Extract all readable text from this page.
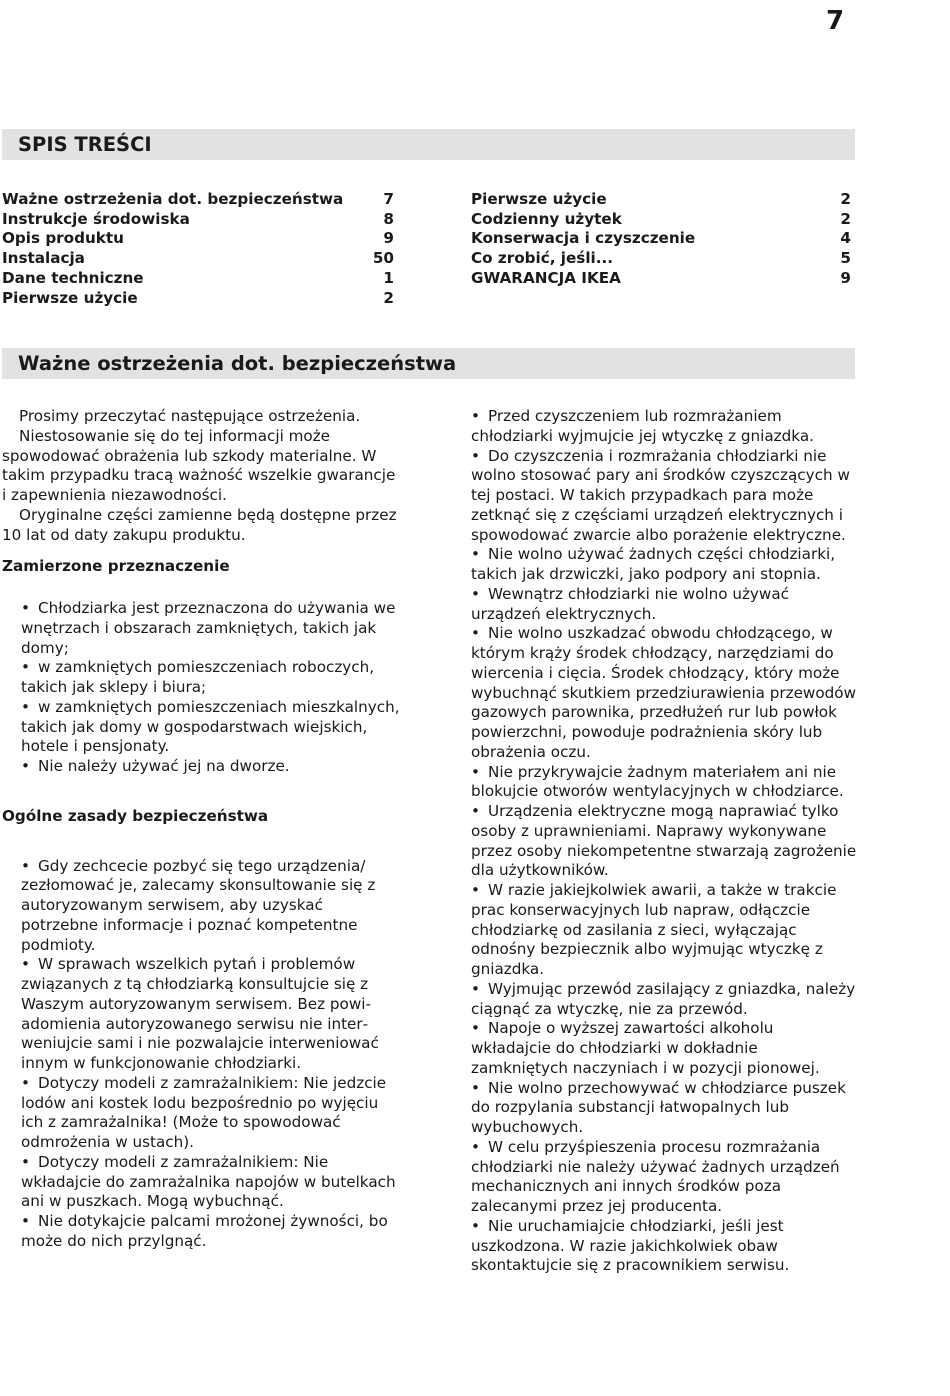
7
SPIS TREŚCI
Ważne ostrzeżenia dot. bezpieczeństwa	7
Instrukcje środowiska	8
Opis produktu	9
Instalacja	50
Dane techniczne	1
Pierwsze użycie	2
Pierwsze użycie	2
Codzienny użytek	2
Konserwacja i czyszczenie	4
Co zrobić, jeśli...	5
GWARANCJA IKEA	9
Ważne ostrzeżenia dot. bezpieczeństwa

Prosimy przeczytać następujące ostrzeżenia.

Niestosowanie się do tej informacji może spowodować obrażenia lub szkody materialne. W takim przypadku tracą ważność wszelkie gwarancje i zapewnienia niezawodności.

Oryginalne części zamienne będą dostępne przez 10 lat od daty zakupu produktu.

Zamierzone przeznaczenie

• Chłodziarka jest przeznaczona do używania we wnętrzach i obszarach zamkniętych, takich jak domy;
• w zamkniętych pomieszczeniach roboczych, takich jak sklepy i biura;
• w zamkniętych pomieszczeniach mieszkalnych, takich jak domy w gospodarstwach wiejskich, hotele i pensjonaty.
• Nie należy używać jej na dworze.

Ogólne zasady bezpieczeństwa

• Gdy zechcecie pozbyć się tego urządzenia/ zezłomować je, zalecamy skonsultowanie się z autoryzowanym serwisem, aby uzyskać potrzebne informacje i poznać kompetentne podmioty.
• W sprawach wszelkich pytań i problemów związanych z tą chłodziarką konsultujcie się z Waszym autoryzowanym serwisem. Bez powiadomienia autoryzowanego serwisu nie interweniujcie sami i nie pozwalajcie interweniować innym w funkcjonowanie chłodziarki.
• Dotyczy modeli z zamrażalnikiem: Nie jedzcie lodów ani kostek lodu bezpośrednio po wyjęciu ich z zamrażalnika! (Może to spowodować odmrożenia w ustach).
• Dotyczy modeli z zamrażalnikiem: Nie wkładajcie do zamrażalnika napojów w butelkach ani w puszkach. Mogą wybuchnąć.
• Nie dotykajcie palcami mrożonej żywności, bo może do nich przylgnąć.
• Przed czyszczeniem lub rozmrażaniem chłodziarki wyjmujcie jej wtyczkę z gniazdka.
• Do czyszczenia i rozmrażania chłodziarki nie wolno stosować pary ani środków czyszczących w tej postaci. W takich przypadkach para może zetknąć się z częściami urządzeń elektrycznych i spowodować zwarcie albo porażenie elektryczne.
• Nie wolno używać żadnych części chłodziarki, takich jak drzwiczki, jako podpory ani stopnia.
• Wewnątrz chłodziarki nie wolno używać urządzeń elektrycznych.
• Nie wolno uszkadzać obwodu chłodzącego, w którym krąży środek chłodzący, narzędziami do wiercenia i cięcia. Środek chłodzący, który może wybuchnąć skutkiem przedziurawienia przewodów gazowych parownika, przedłużeń rur lub powłok powierzchni, powoduje podrażnienia skóry lub obrażenia oczu.
• Nie przykrywajcie żadnym materiałem ani nie blokujcie otworów wentylacyjnych w chłodziarce.
• Urządzenia elektryczne mogą naprawiać tylko osoby z uprawnieniami. Naprawy wykonywane przez osoby niekompetentne stwarzają zagrożenie dla użytkowników.
• W razie jakiejkolwiek awarii, a także w trakcie prac konserwacyjnych lub napraw, odłączcie chłodziarkę od zasilania z sieci, wyłączając odnośny bezpiecznik albo wyjmując wtyczkę z gniazdka.
• Wyjmując przewód zasilający z gniazdka, należy ciągnąć za wtyczkę, nie za przewód.
• Napoje o wyższej zawartości alkoholu wkładajcie do chłodziarki w dokładnie zamkniętych naczyniach i w pozycji pionowej.
• Nie wolno przechowywać w chłodziarce puszek do rozpylania substancji łatwopalnych lub wybuchowych.
• W celu przyśpieszenia procesu rozmrażania chłodziarki nie należy używać żadnych urządzeń mechanicznych ani innych środków poza zalecanymi przez jej producenta.
• Nie uruchamiajcie chłodziarki, jeśli jest uszkodzona. W razie jakichkolwiek obaw skontaktujcie się z pracownikiem serwisu.
